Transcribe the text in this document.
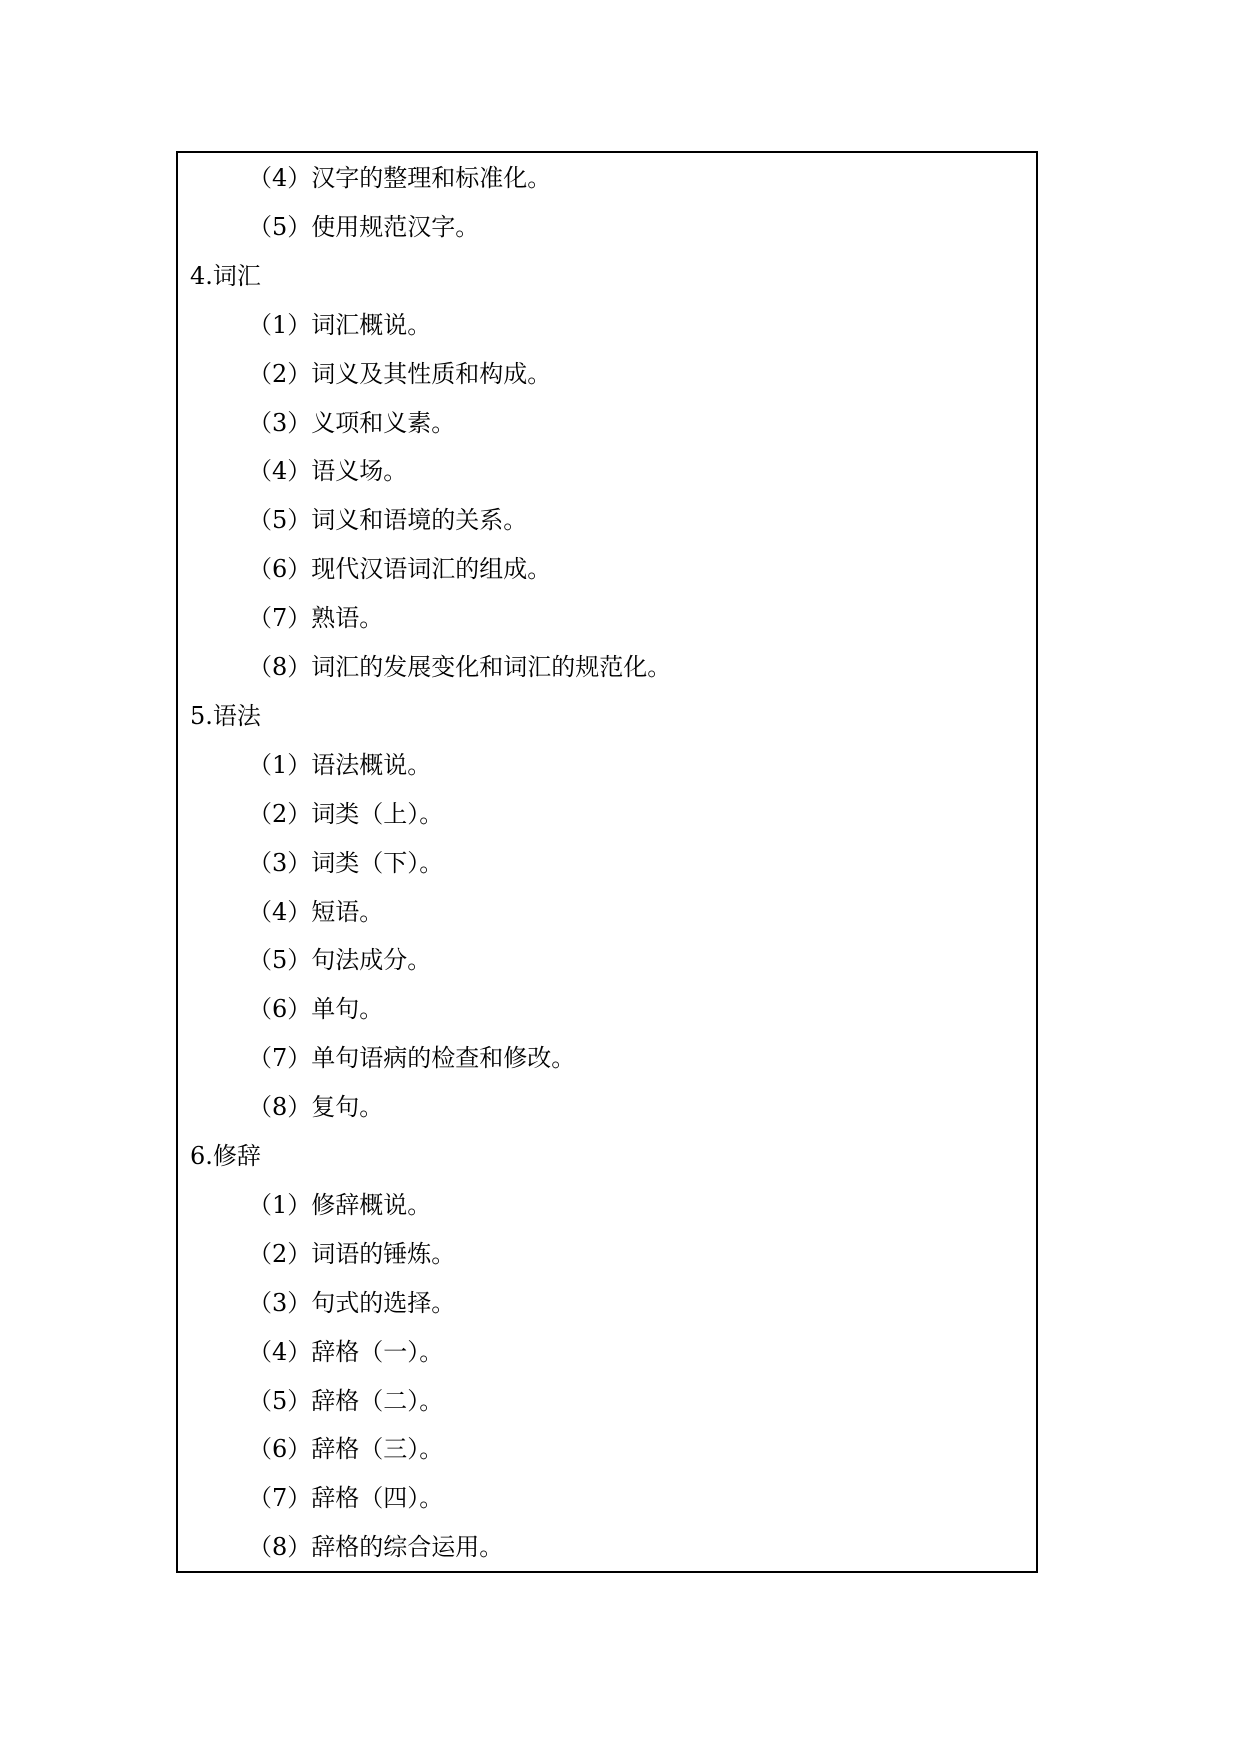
（4）汉字的整理和标准化。
（5）使用规范汉字。
4.词汇
（1）词汇概说。
（2）词义及其性质和构成。
（3）义项和义素。
（4）语义场。
（5）词义和语境的关系。
（6）现代汉语词汇的组成。
（7）熟语。
（8）词汇的发展变化和词汇的规范化。
5.语法
（1）语法概说。
（2）词类（上）。
（3）词类（下）。
（4）短语。
（5）句法成分。
（6）单句。
（7）单句语病的检查和修改。
（8）复句。
6.修辞
（1）修辞概说。
（2）词语的锤炼。
（3）句式的选择。
（4）辞格（一）。
（5）辞格（二）。
（6）辞格（三）。
（7）辞格（四）。
（8）辞格的综合运用。
